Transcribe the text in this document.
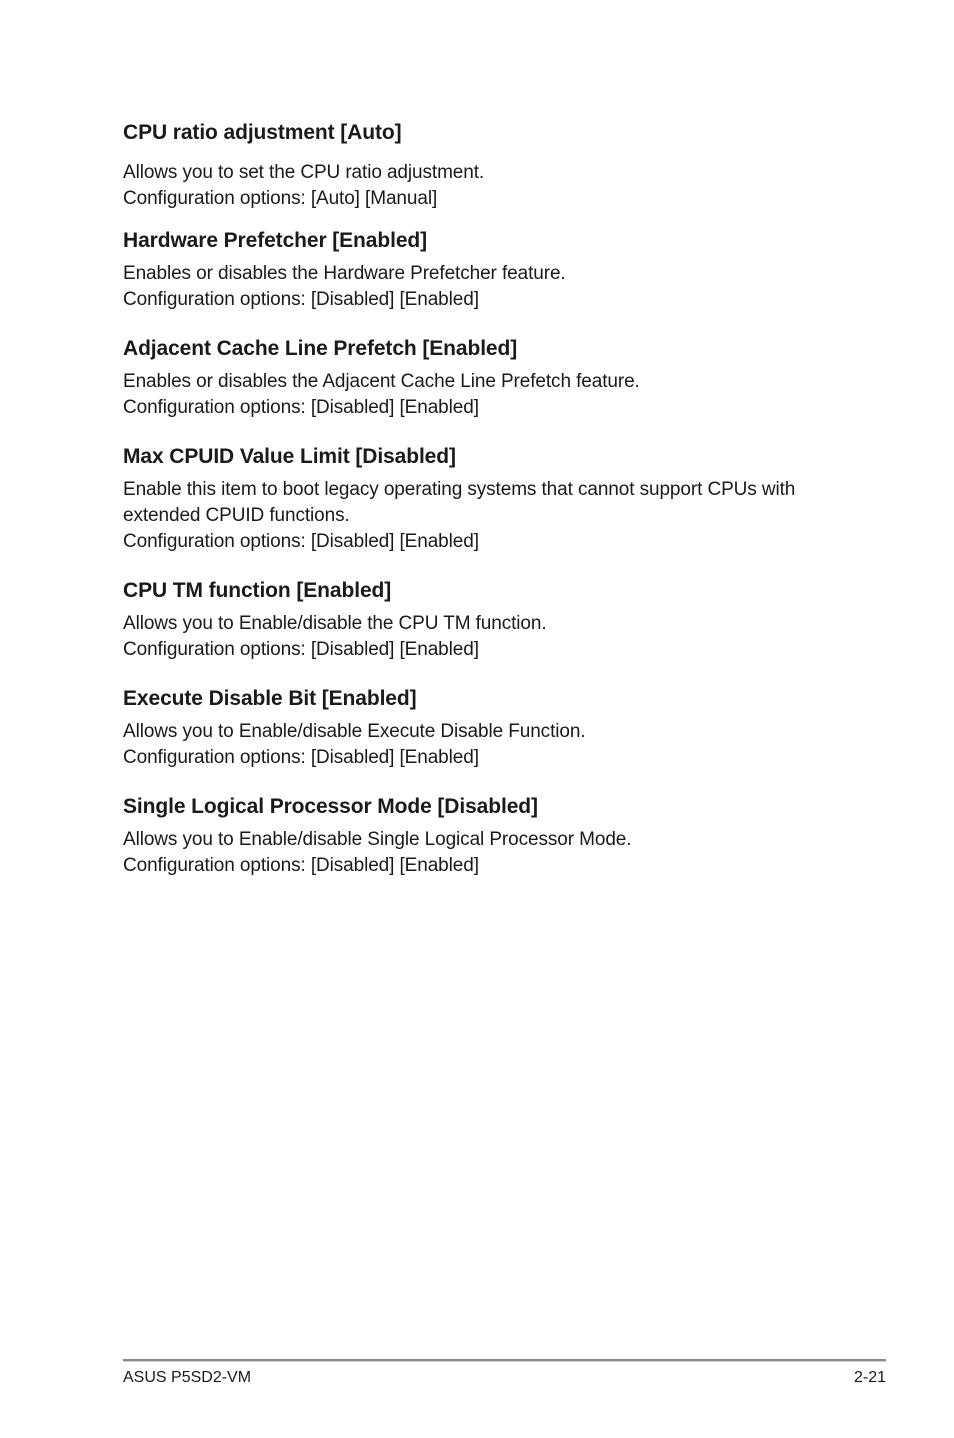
CPU ratio adjustment [Auto]

Allows you to set the CPU ratio adjustment.

Configuration options: [Auto] [Manual]

Hardware Prefetcher [Enabled]

Enables or disables the Hardware Prefetcher feature.

Configuration options: [Disabled] [Enabled]

Adjacent Cache Line Prefetch [Enabled]

Enables or disables the Adjacent Cache Line Prefetch feature.

Configuration options: [Disabled] [Enabled]

Max CPUID Value Limit [Disabled]

Enable this item to boot legacy operating systems that cannot support CPUs with

extended CPUID functions.

Configuration options: [Disabled] [Enabled]

CPU TM function [Enabled]

Allows you to Enable/disable the CPU TM function.

Configuration options: [Disabled] [Enabled]

Execute Disable Bit [Enabled]

Allows you to Enable/disable Execute Disable Function.

Configuration options: [Disabled] [Enabled]

Single Logical Processor Mode [Disabled]

Allows you to Enable/disable Single Logical Processor Mode.

Configuration options: [Disabled] [Enabled]

ASUS P5SD2-VM	2-21
